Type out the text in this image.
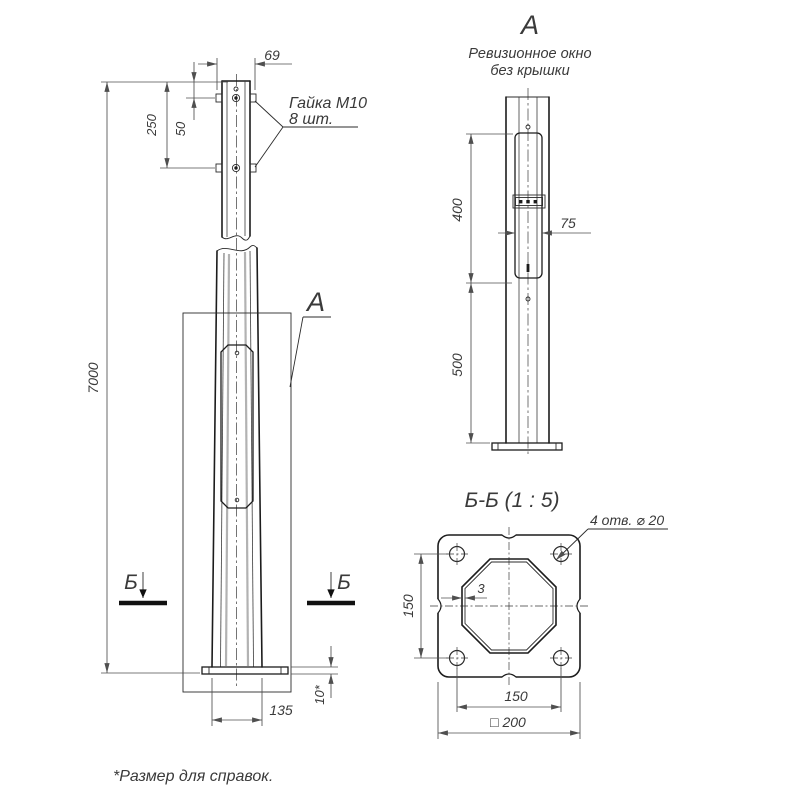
А
Б	Б
7000
250 50
69
Гайка М10
8 шт.
135
10*
А
Ревизионное окно
без крышки
400
500
75
Б-Б (1 : 5)
3
4 отв. ⌀ 20
150
150
□ 200
*Размер для справок.
